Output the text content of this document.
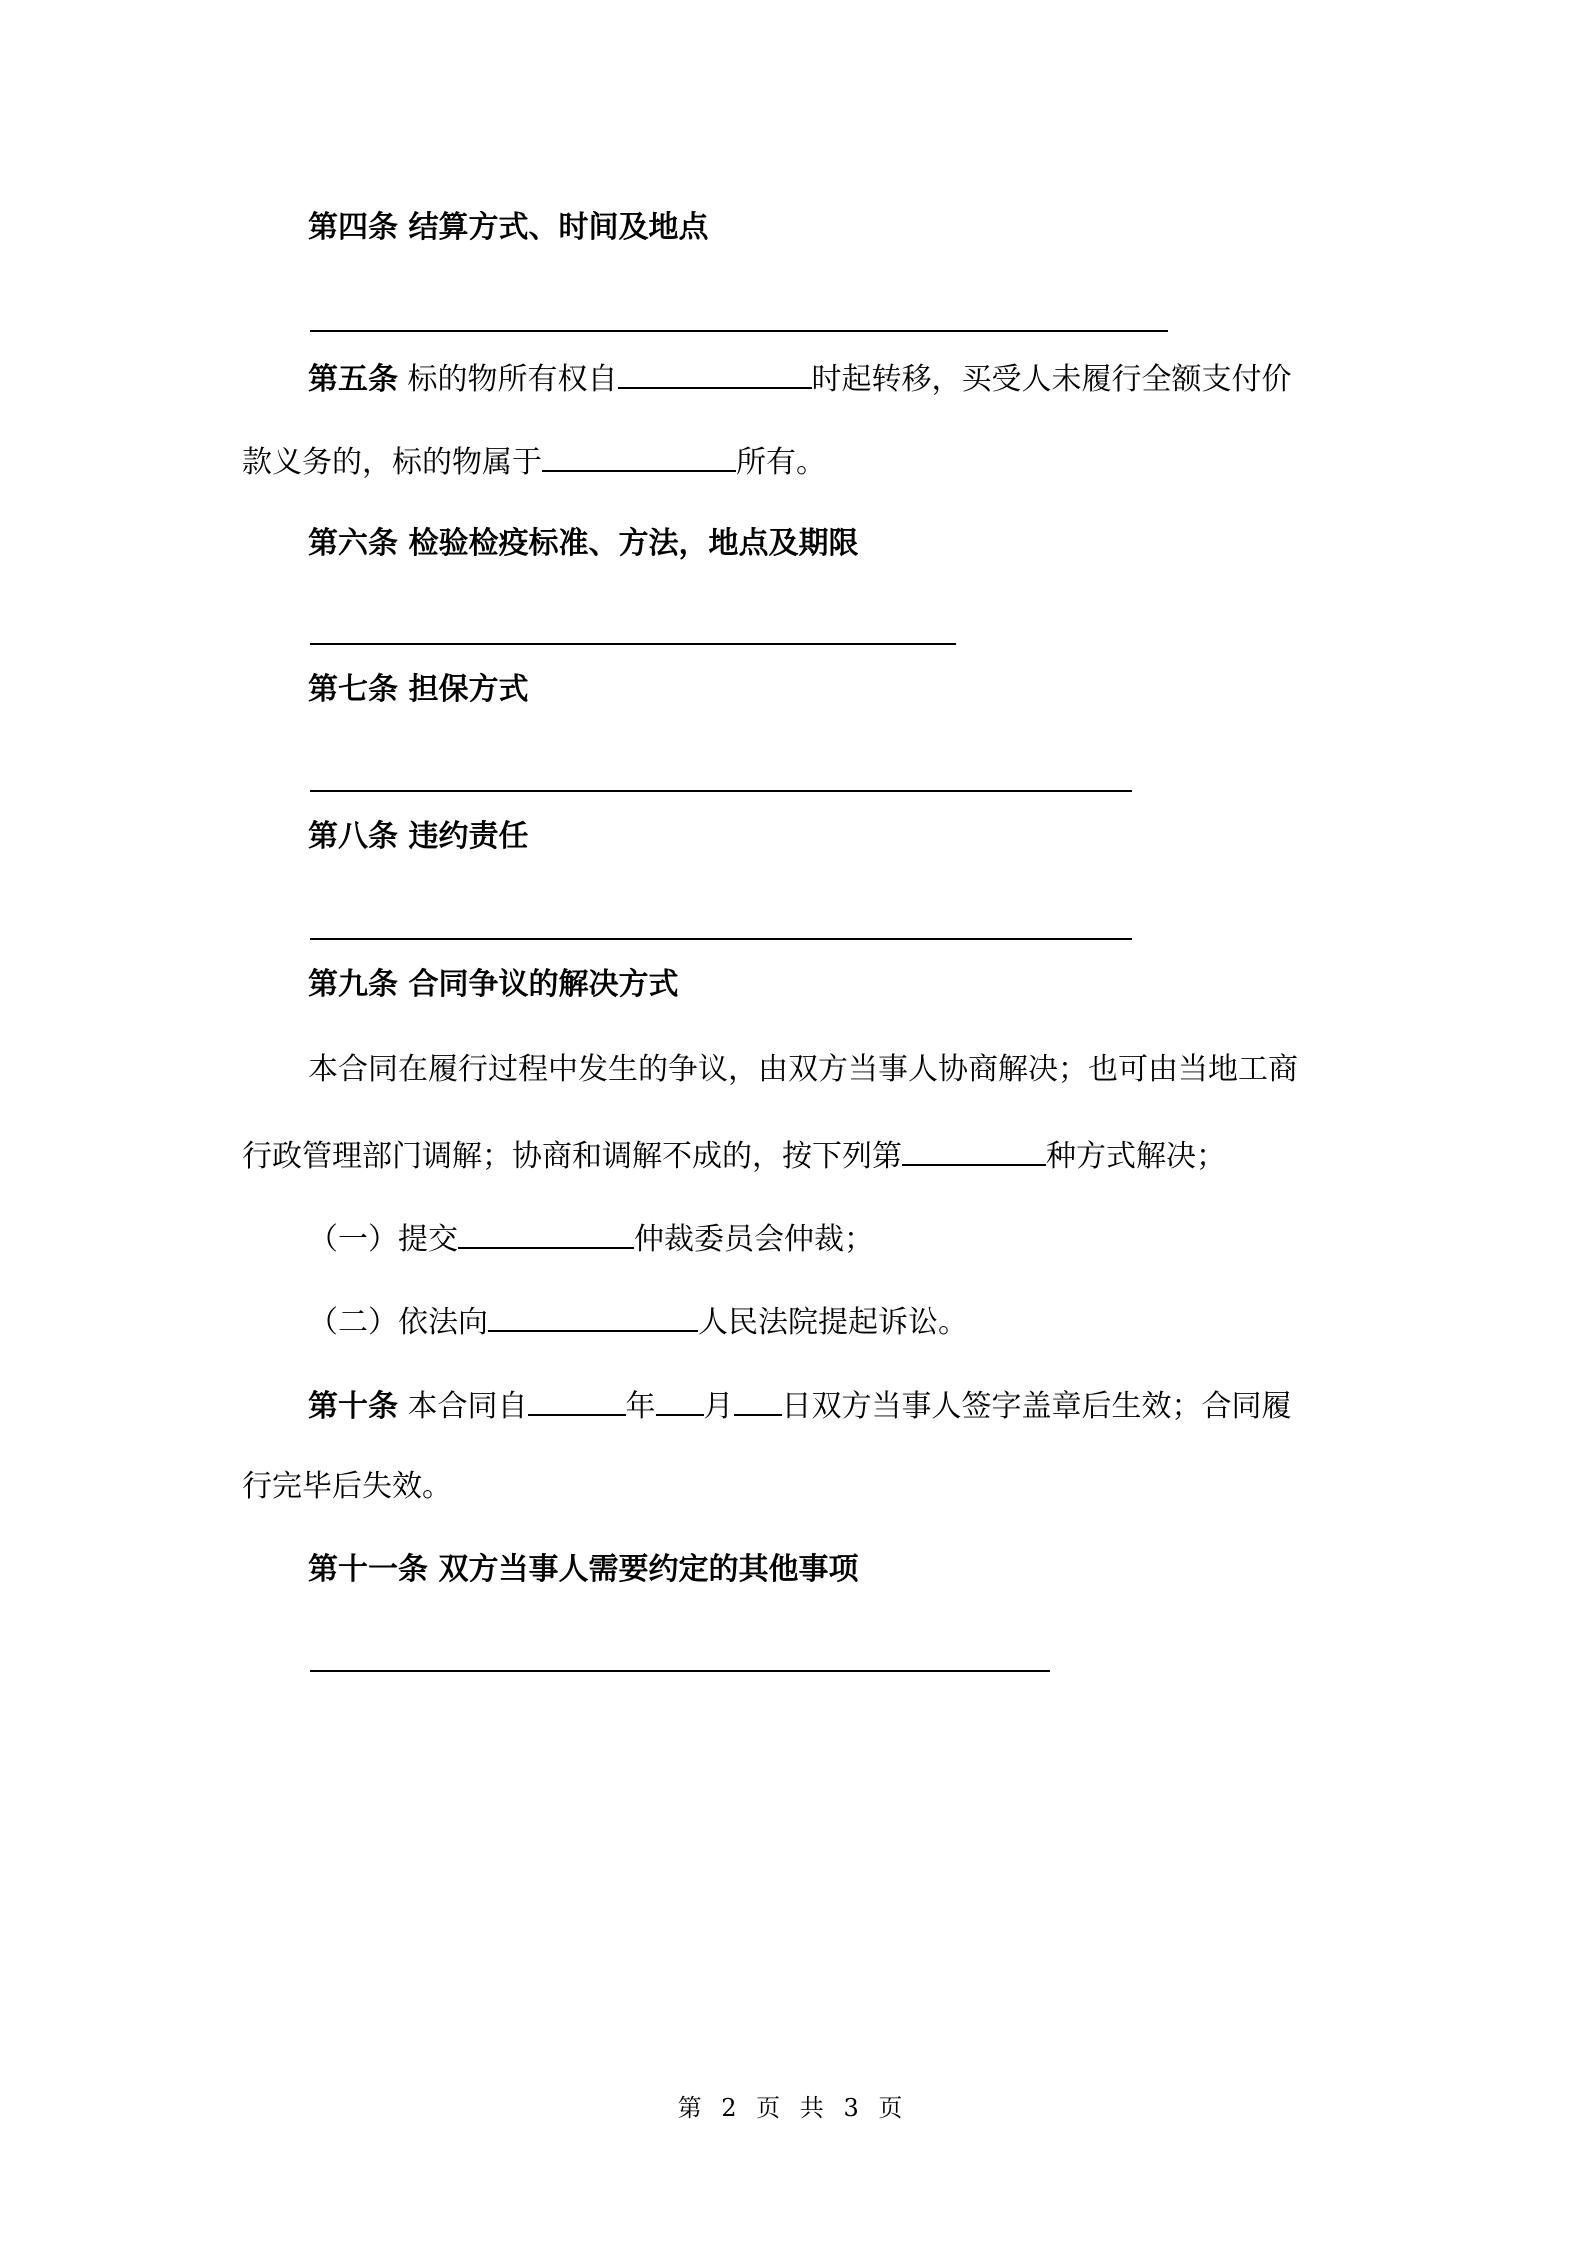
第四条 结算方式、时间及地点
第五条 标的物所有权自	时起转移，买受人未履行全额支付价
款义务的，标的物属于	所有。
第六条 检验检疫标准、方法，地点及期限
第七条 担保方式
第八条 违约责任
第九条 合同争议的解决方式
本合同在履行过程中发生的争议，由双方当事人协商解决；也可由当地工商
行政管理部门调解；协商和调解不成的，按下列第	种方式解决；
（一）提交	仲裁委员会仲裁；
（二）依法向	人民法院提起诉讼。
第十条 本合同自	年 月 日双方当事人签字盖章后生效；合同履
行完毕后失效。
第十一条 双方当事人需要约定的其他事项
第 2 页 共 3 页
